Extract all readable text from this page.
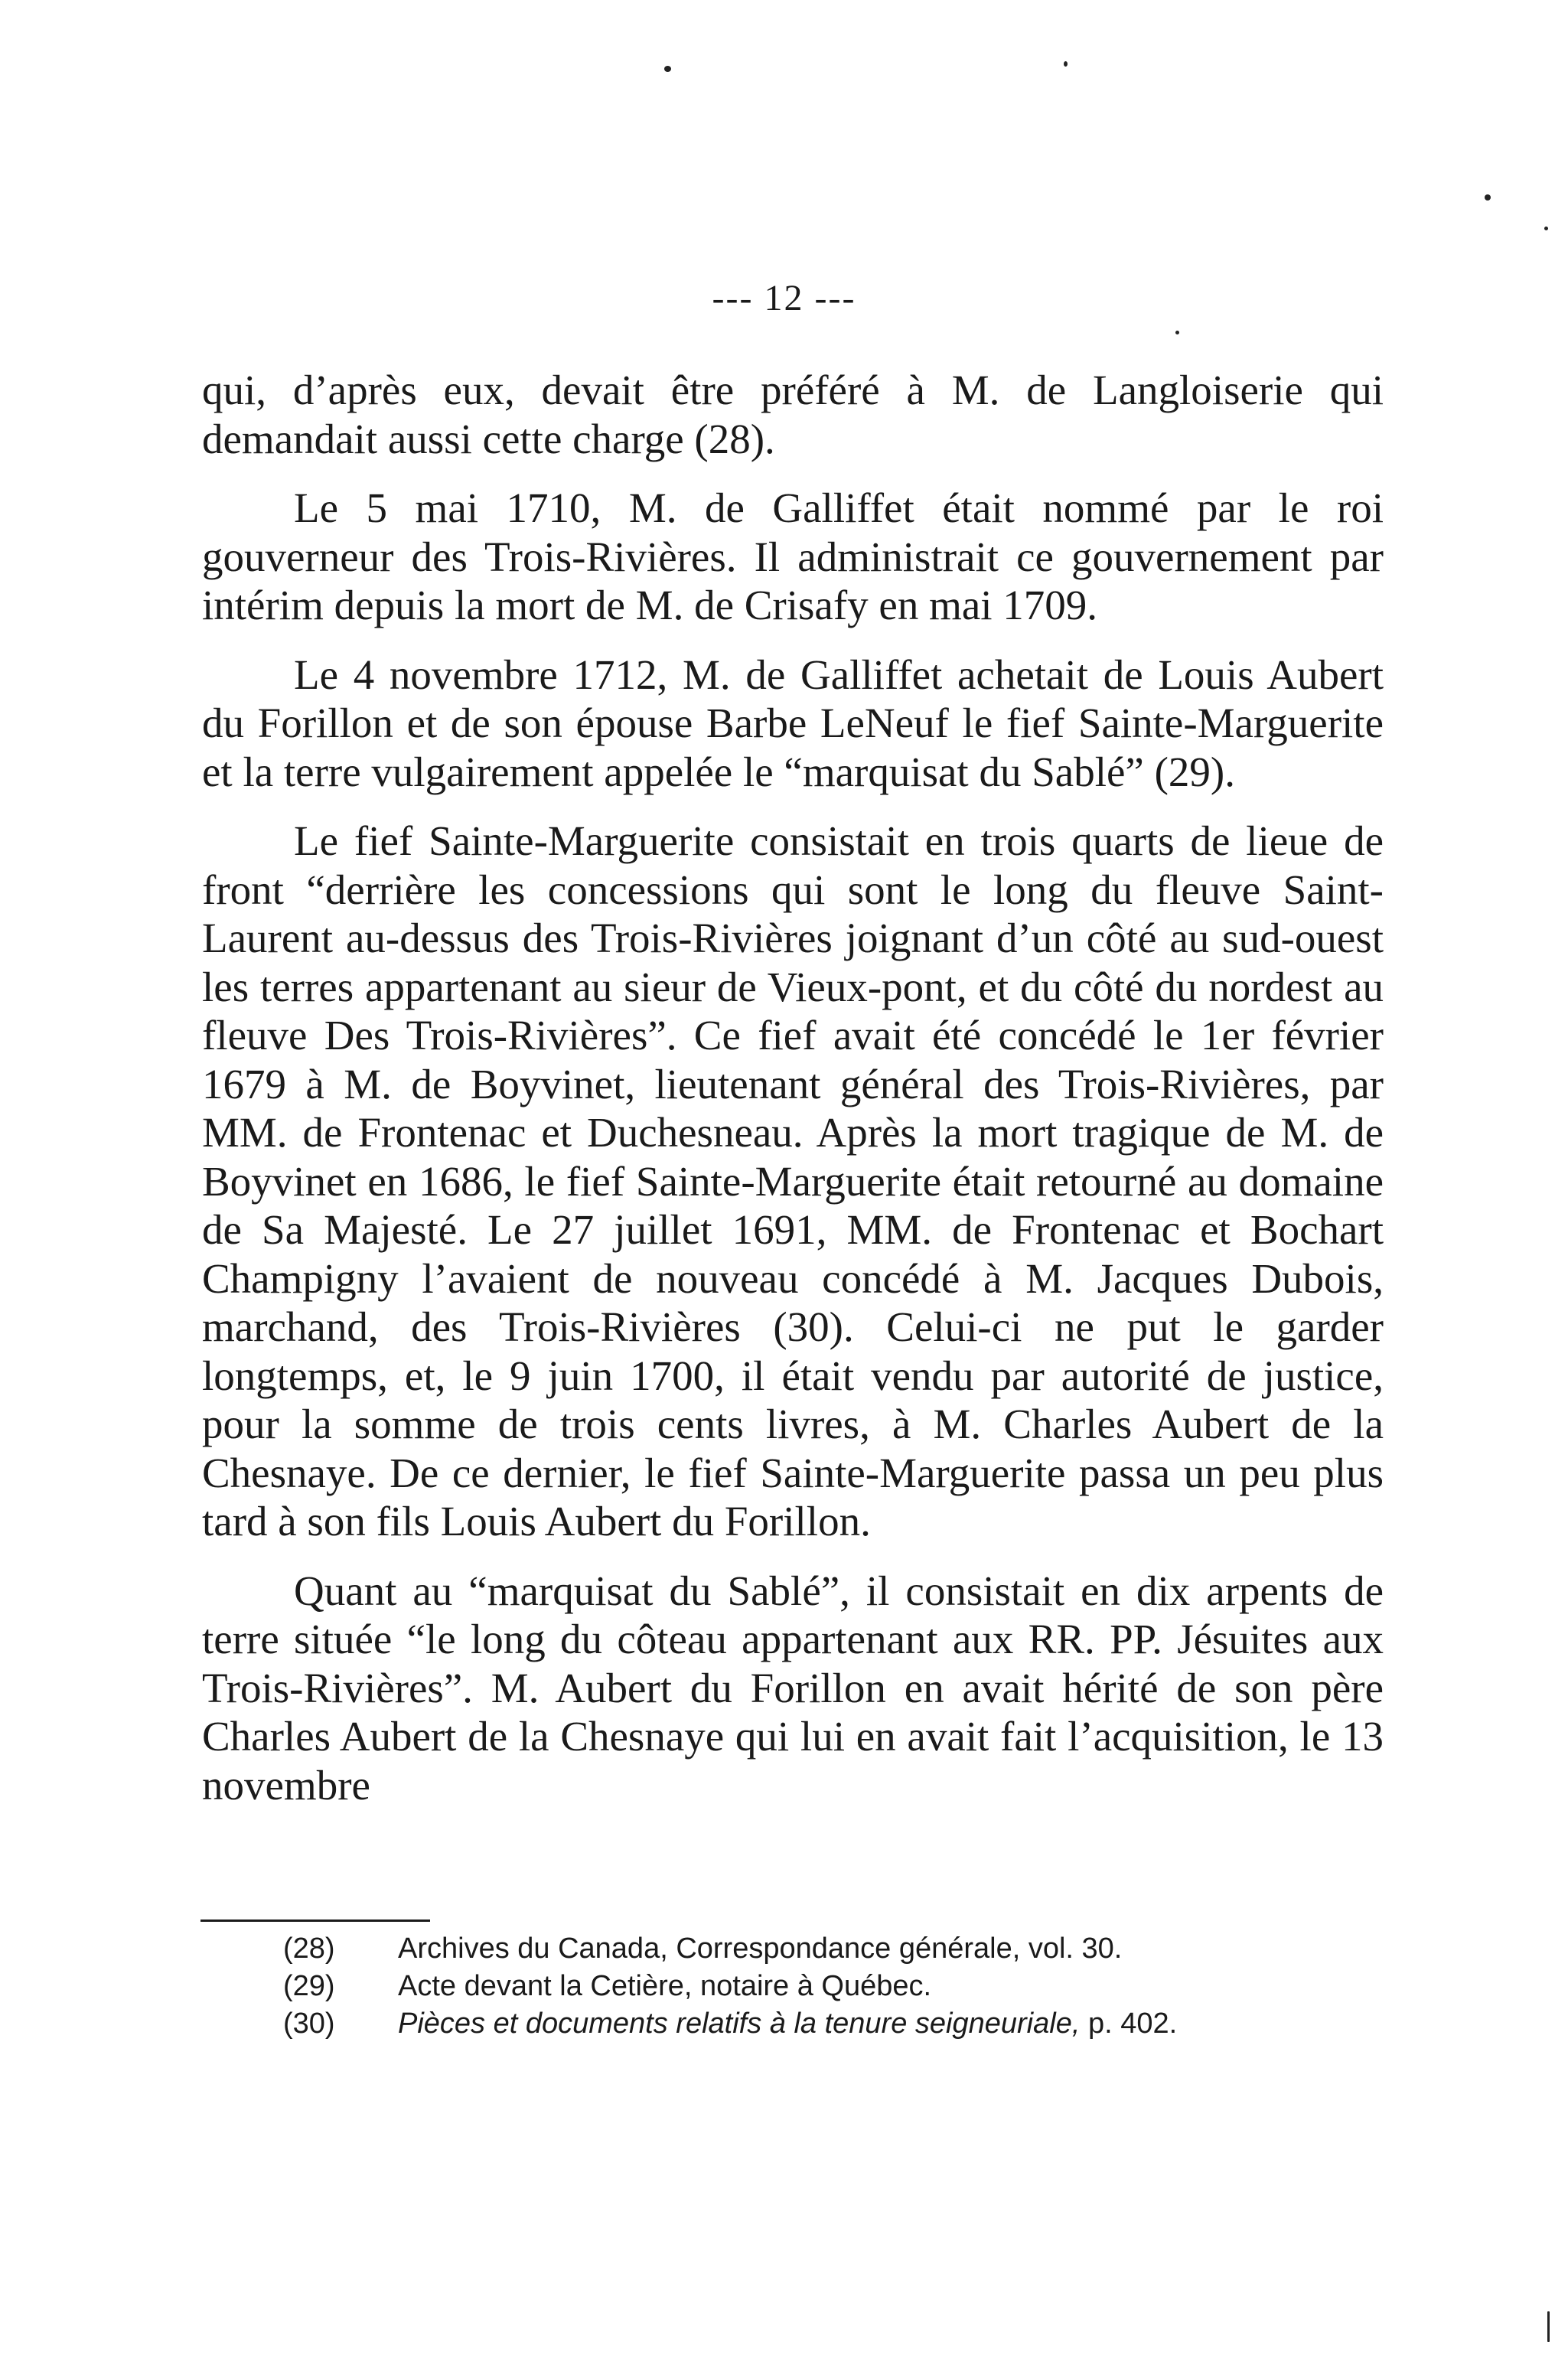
--- 12 ---

qui, d’après eux, devait être préféré à M. de Langloiserie qui demandait aussi cette charge (28).

Le 5 mai 1710, M. de Galliffet était nommé par le roi gouverneur des Trois-Rivières. Il administrait ce gouvernement par intérim depuis la mort de M. de Crisafy en mai 1709.

Le 4 novembre 1712, M. de Galliffet achetait de Louis Aubert du Forillon et de son épouse Barbe LeNeuf le fief Sainte-Marguerite et la terre vulgairement appelée le “marquisat du Sablé” (29).

Le fief Sainte-Marguerite consistait en trois quarts de lieue de front “derrière les concessions qui sont le long du fleuve Saint-Laurent au-dessus des Trois-Rivières joignant d’un côté au sud-ouest les terres appartenant au sieur de Vieux-pont, et du côté du nordest au fleuve Des Trois-Rivières”. Ce fief avait été concédé le 1er février 1679 à M. de Boyvinet, lieutenant général des Trois-Rivières, par MM. de Frontenac et Duchesneau. Après la mort tragique de M. de Boyvinet en 1686, le fief Sainte-Marguerite était retourné au domaine de Sa Majesté. Le 27 juillet 1691, MM. de Frontenac et Bochart Champigny l’avaient de nouveau concédé à M. Jacques Dubois, marchand, des Trois-Rivières (30). Celui-ci ne put le garder longtemps, et, le 9 juin 1700, il était vendu par autorité de justice, pour la somme de trois cents livres, à M. Charles Aubert de la Chesnaye. De ce dernier, le fief Sainte-Marguerite passa un peu plus tard à son fils Louis Aubert du Forillon.

Quant au “marquisat du Sablé”, il consistait en dix arpents de terre située “le long du côteau appartenant aux RR. PP. Jésuites aux Trois-Rivières”. M. Aubert du Forillon en avait hérité de son père Charles Aubert de la Chesnaye qui lui en avait fait l’acquisition, le 13 novembre

(28)	Archives du Canada, Correspondance générale, vol. 30.
(29)	Acte devant la Cetière, notaire à Québec.
(30)	Pièces et documents relatifs à la tenure seigneuriale, p. 402.
